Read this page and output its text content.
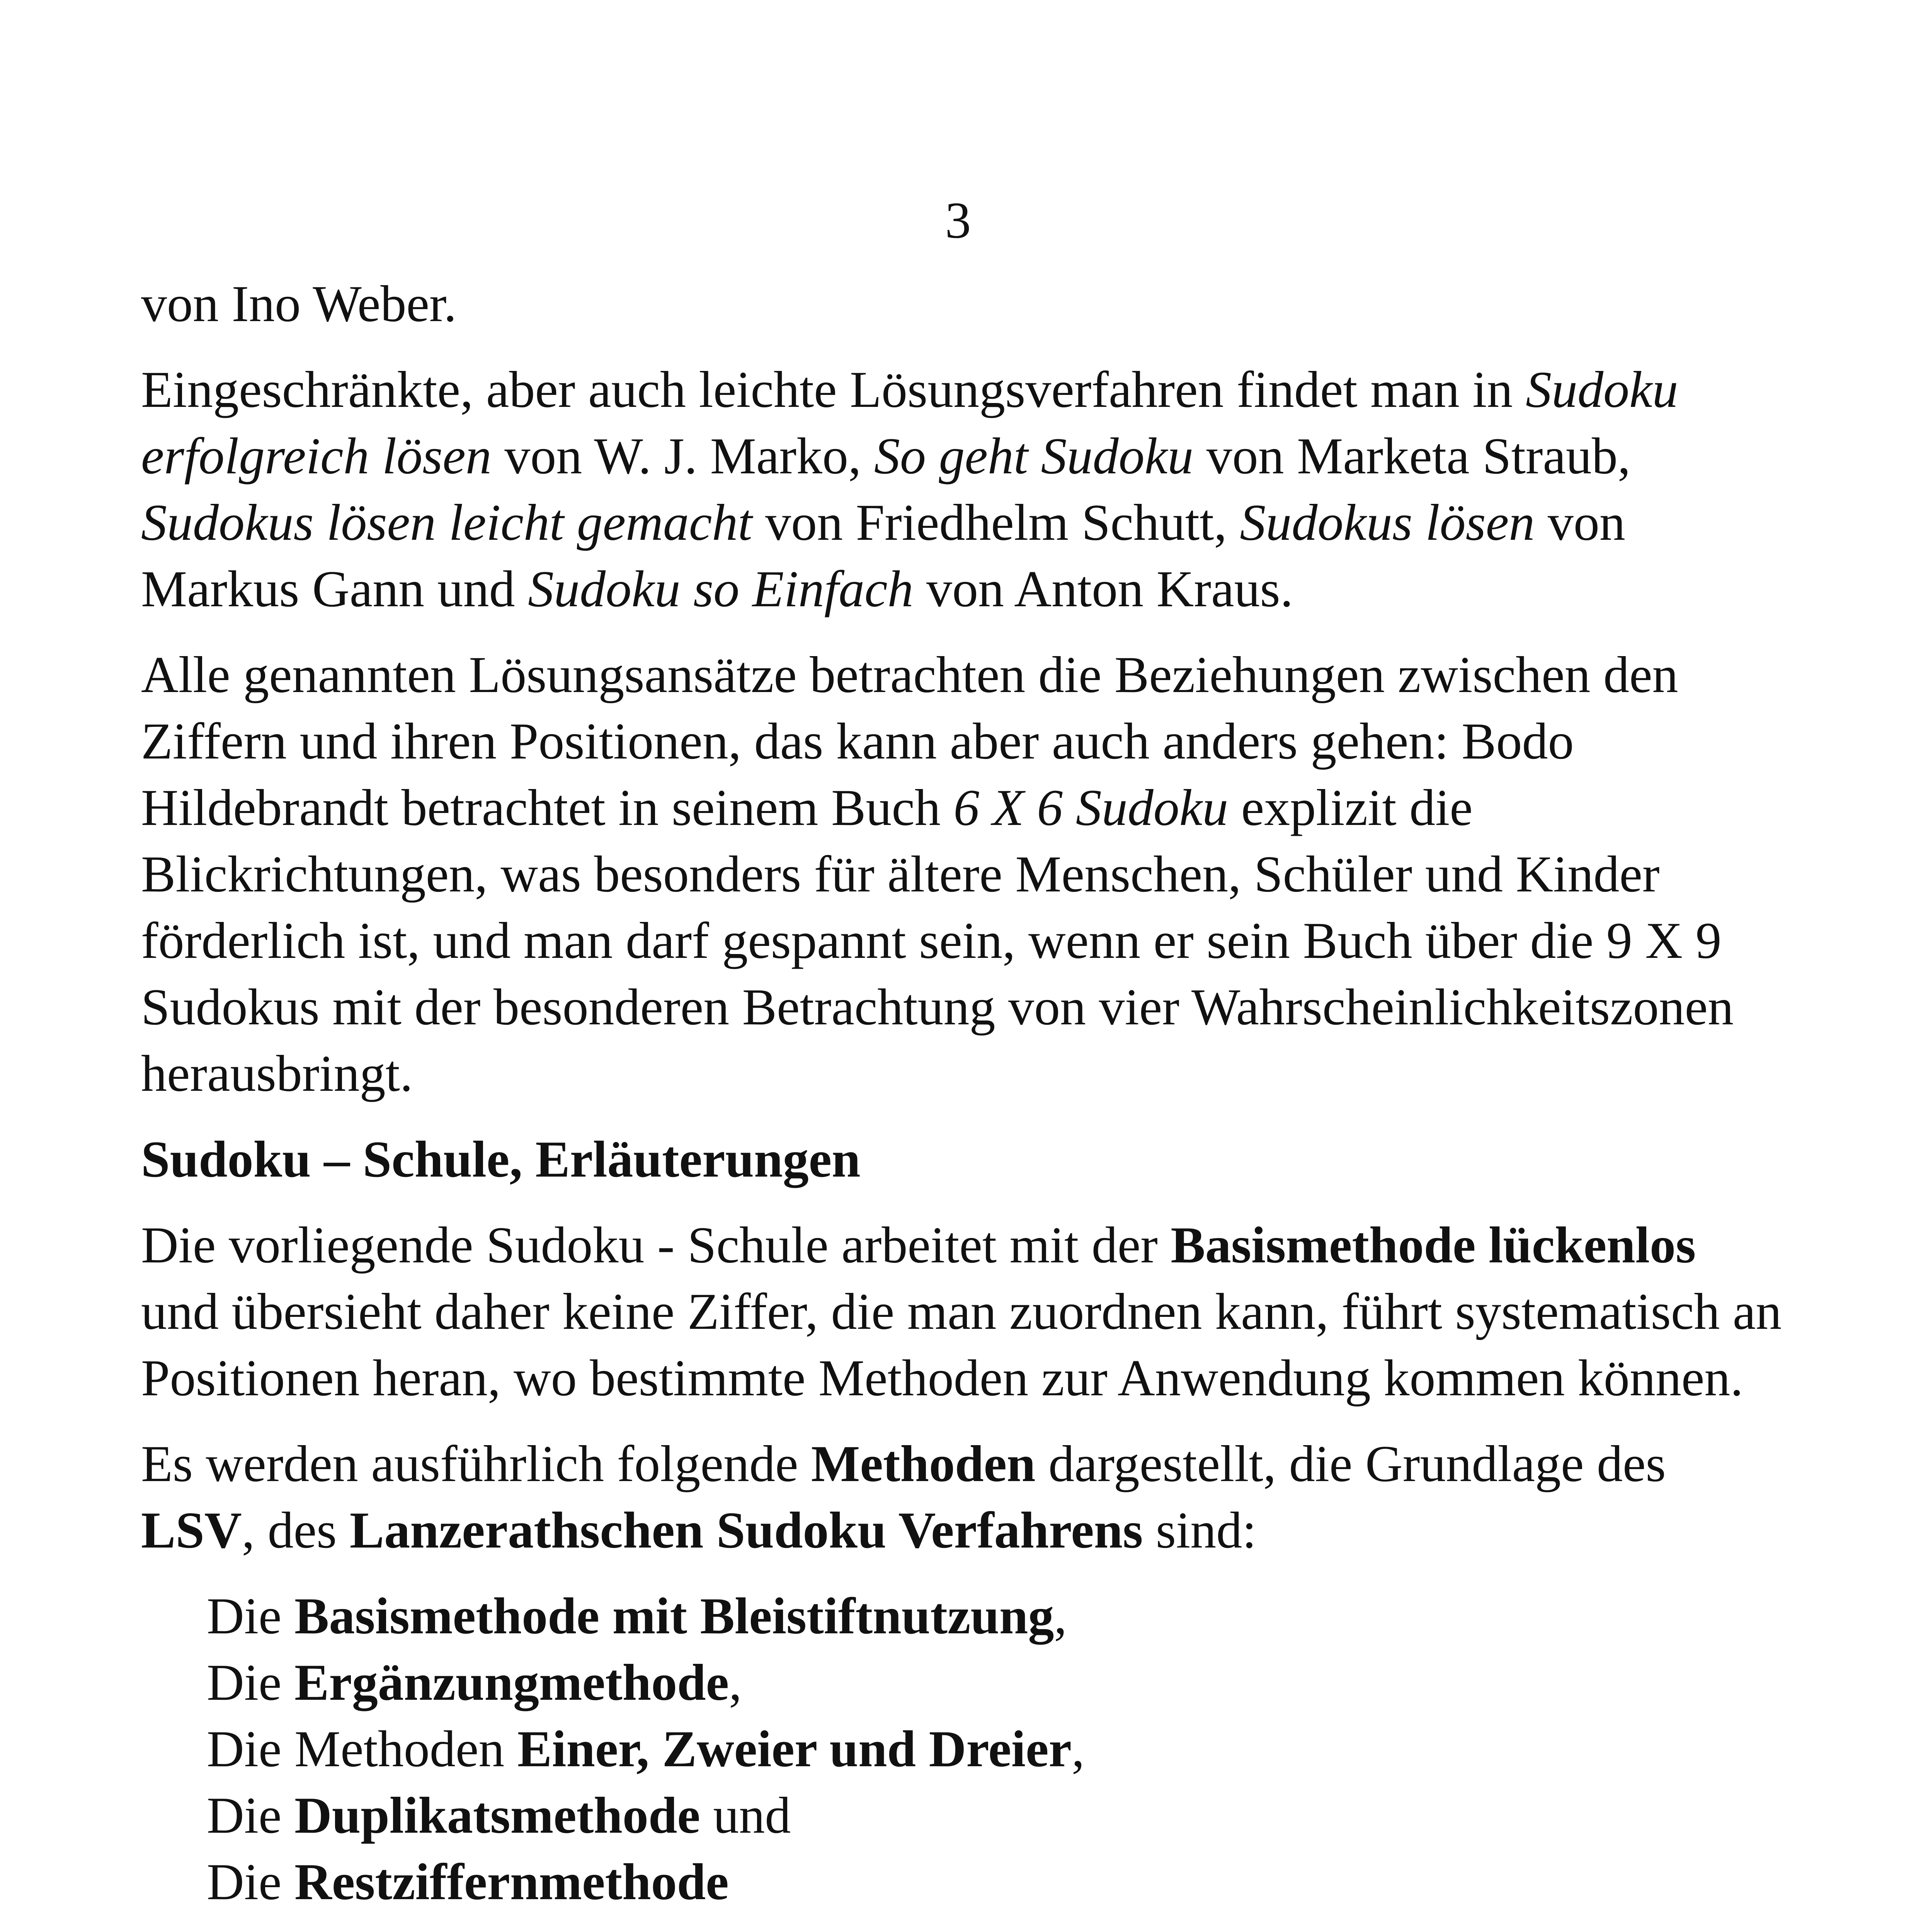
3

von Ino Weber.

Eingeschränkte, aber auch leichte Lösungsverfahren findet man in Sudoku erfolgreich lösen von W. J. Marko, So geht Sudoku von Marketa Straub, Sudokus lösen leicht gemacht von Friedhelm Schutt, Sudokus lösen von Markus Gann und Sudoku so Einfach von Anton Kraus.

Alle genannten Lösungsansätze betrachten die Beziehungen zwischen den Ziffern und ihren Positionen, das kann aber auch anders gehen: Bodo Hildebrandt betrachtet in seinem Buch 6 X 6 Sudoku explizit die Blickrichtungen, was besonders für ältere Menschen, Schüler und Kinder förderlich ist, und man darf gespannt sein, wenn er sein Buch über die 9 X 9 Sudokus mit der besonderen Betrachtung von vier Wahrscheinlichkeitszonen herausbringt.

Sudoku – Schule, Erläuterungen

Die vorliegende Sudoku - Schule arbeitet mit der Basismethode lückenlos und übersieht daher keine Ziffer, die man zuordnen kann, führt systematisch an Positionen heran, wo bestimmte Methoden zur Anwendung kommen können.

Es werden ausführlich folgende Methoden dargestellt, die Grundlage des LSV, des Lanzerathschen Sudoku Verfahrens sind:

Die Basismethode mit Bleistiftnutzung,

Die Ergänzungmethode,

Die Methoden Einer, Zweier und Dreier,

Die Duplikatsmethode und

Die Restziffernmethode
